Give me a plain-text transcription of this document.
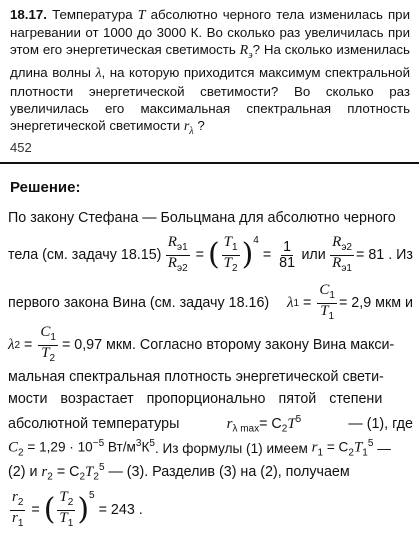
18.17. Температура T абсолютно черного тела изменилась при нагревании от 1000 до 3000 К. Во сколько раз увеличилась при этом его энергетическая светимость $R_э$? На сколько изменилась длина волны λ, на которую приходится максимум спектральной плотности энергетической светимости? Во сколько раз увеличилась его максимальная спектральная плотность энергетической светимости $r_\lambda$ ?
452
Решение:
По закону Стефана — Больцмана для абсолютно черного
тела (см. задачу $18.15) \frac{R_{э1}}{R_{э2}}$ = ( $\frac{T_1}{T_2} )^4$
= $\frac{1}{81}$ или $\frac{R_{э2}}{R_{э1}} = 81$ . Из
первого закона Вина (см. задачу 18.16) λ $1 = \frac{C_1}{T_1} = 2,9$ мкм и
λ $2 = \frac{C_1}{T_2} = 0,97$ мкм. Согласно второму закону Вина макси-
мальная спектральная плотность энергетической свети-
мости возрастает пропорционально пятой степени
абсолютной температуры	$r_{\lambda max}= C_2T^5$	— (1), где
$C_2 = 1,29 \cdot 10^{-5}$ $Вт/м^3К^5$ . Из формулы (1) имеем
$r_1 = C_2T_1^5$
—
(2) и
$r_2 = C_2T_2^5$
— (3). Разделив (3) на (2), получаем
$\frac{r_2}{r_1}$ = ( $\frac{T_2}{T_1} )^5$
= 243 .
